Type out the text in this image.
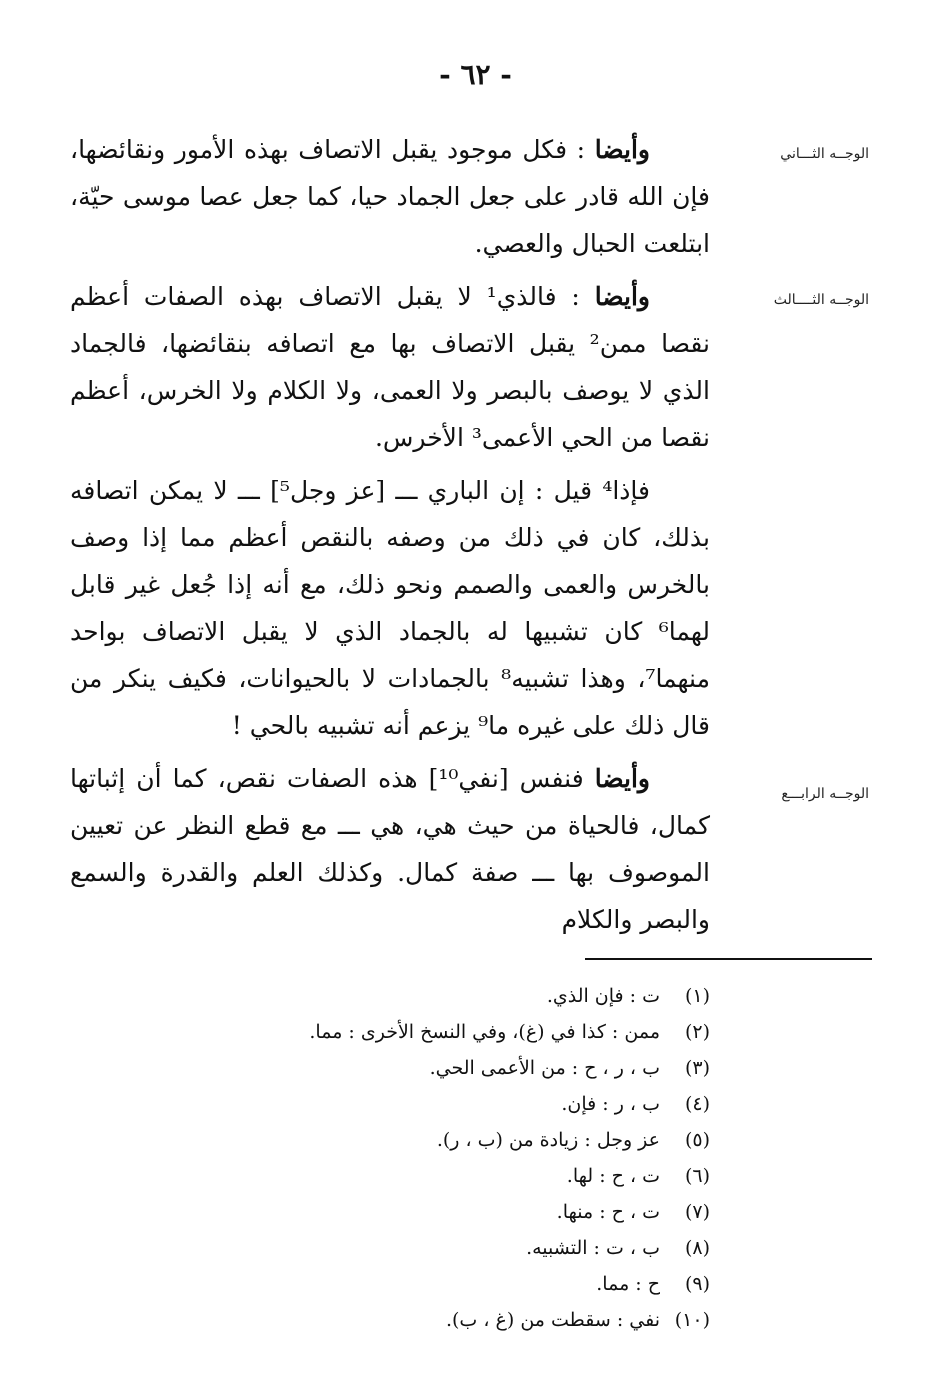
- ٦٢ -
الوجــه الثـــاني
الوجــه الثــــالث
الوجــه الرابـــع

وأيضا : فكل موجود يقبل الاتصاف بهذه الأمور ونقائضها، فإن الله قادر على جعل الجماد حيا، كما جعل عصا موسى حيّة، ابتلعت الحبال والعصي.

وأيضا : فالذي¹ لا يقبل الاتصاف بهذه الصفات أعظم نقصا ممن² يقبل الاتصاف بها مع اتصافه بنقائضها، فالجماد الذي لا يوصف بالبصر ولا العمى، ولا الكلام ولا الخرس، أعظم نقصا من الحي الأعمى³ الأخرس.

فإذا⁴ قيل : إن الباري ـــ [عز وجل⁵] ـــ لا يمكن اتصافه بذلك، كان في ذلك من وصفه بالنقص أعظم مما إذا وصف بالخرس والعمى والصمم ونحو ذلك، مع أنه إذا جُعل غير قابل لهما⁶ كان تشبيها له بالجماد الذي لا يقبل الاتصاف بواحد منهما⁷، وهذا تشبيه⁸ بالجمادات لا بالحيوانات، فكيف ينكر من قال ذلك على غيره ما⁹ يزعم أنه تشبيه بالحي !

وأيضا فنفس [نفي¹⁰] هذه الصفات نقص، كما أن إثباتها كمال، فالحياة من حيث هي، هي ـــ مع قطع النظر عن تعيين الموصوف بها ـــ صفة كمال. وكذلك العلم والقدرة والسمع والبصر والكلام

(١)
ت : فإن الذي.
(٢)
ممن : كذا في (غ)، وفي النسخ الأخرى : مما.
(٣)
ب ، ر ، ح : من الأعمى الحي.
(٤)
ب ، ر : فإن.
(٥)
عز وجل : زيادة من (ب ، ر).
(٦)
ت ، ح : لها.
(٧)
ت ، ح : منها.
(٨)
ب ، ت : التشبيه.
(٩)
ح : مما.
(١٠)
نفي : سقطت من (غ ، ب).
